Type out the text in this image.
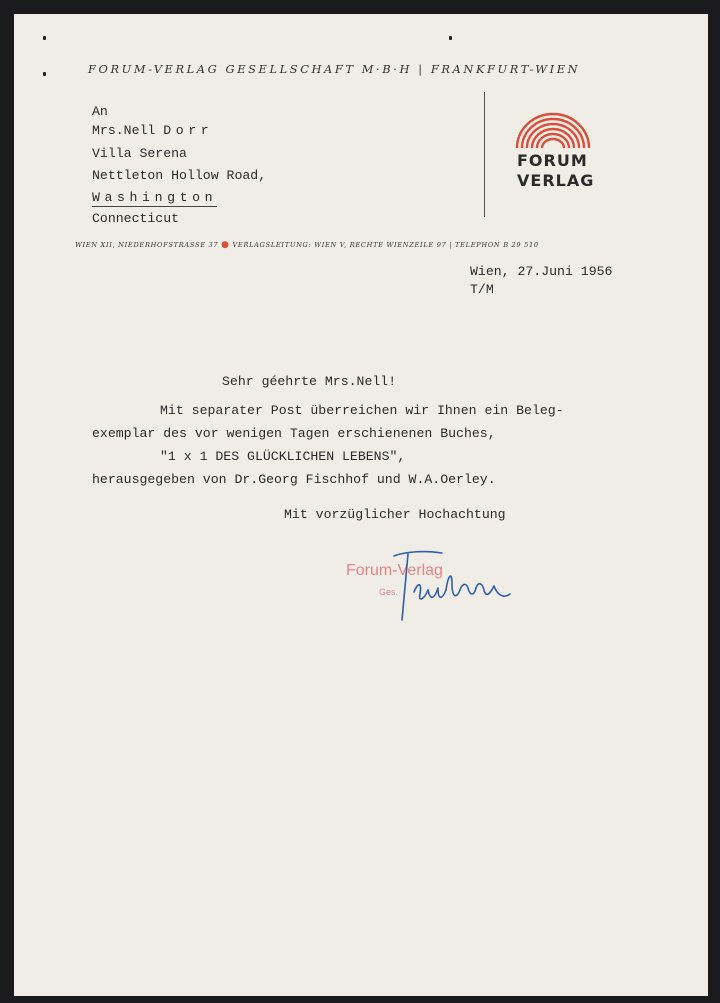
FORUM-VERLAG GESELLSCHAFT M·B·H | FRANKFURT-WIEN
An
Mrs.Nell Dorr
Villa Serena
Nettleton Hollow Road,
Washington
Connecticut
FORUM
VERLAG
WIEN XII, NIEDERHOFSTRASSE 37 ● VERLAGSLEITUNG: WIEN V, RECHTE WIENZEILE 97 | TELEPHON B 29 510
Wien, 27.Juni 1956
T/M
Sehr géehrte Mrs.Nell!
Mit separater Post überreichen wir Ihnen ein Beleg-
exemplar des vor wenigen Tagen erschienenen Buches,
"1 x 1 DES GLÜCKLICHEN LEBENS",
herausgegeben von Dr.Georg Fischhof und W.A.Oerley.
Mit vorzüglicher Hochachtung
Forum-Verlag
Ges.
